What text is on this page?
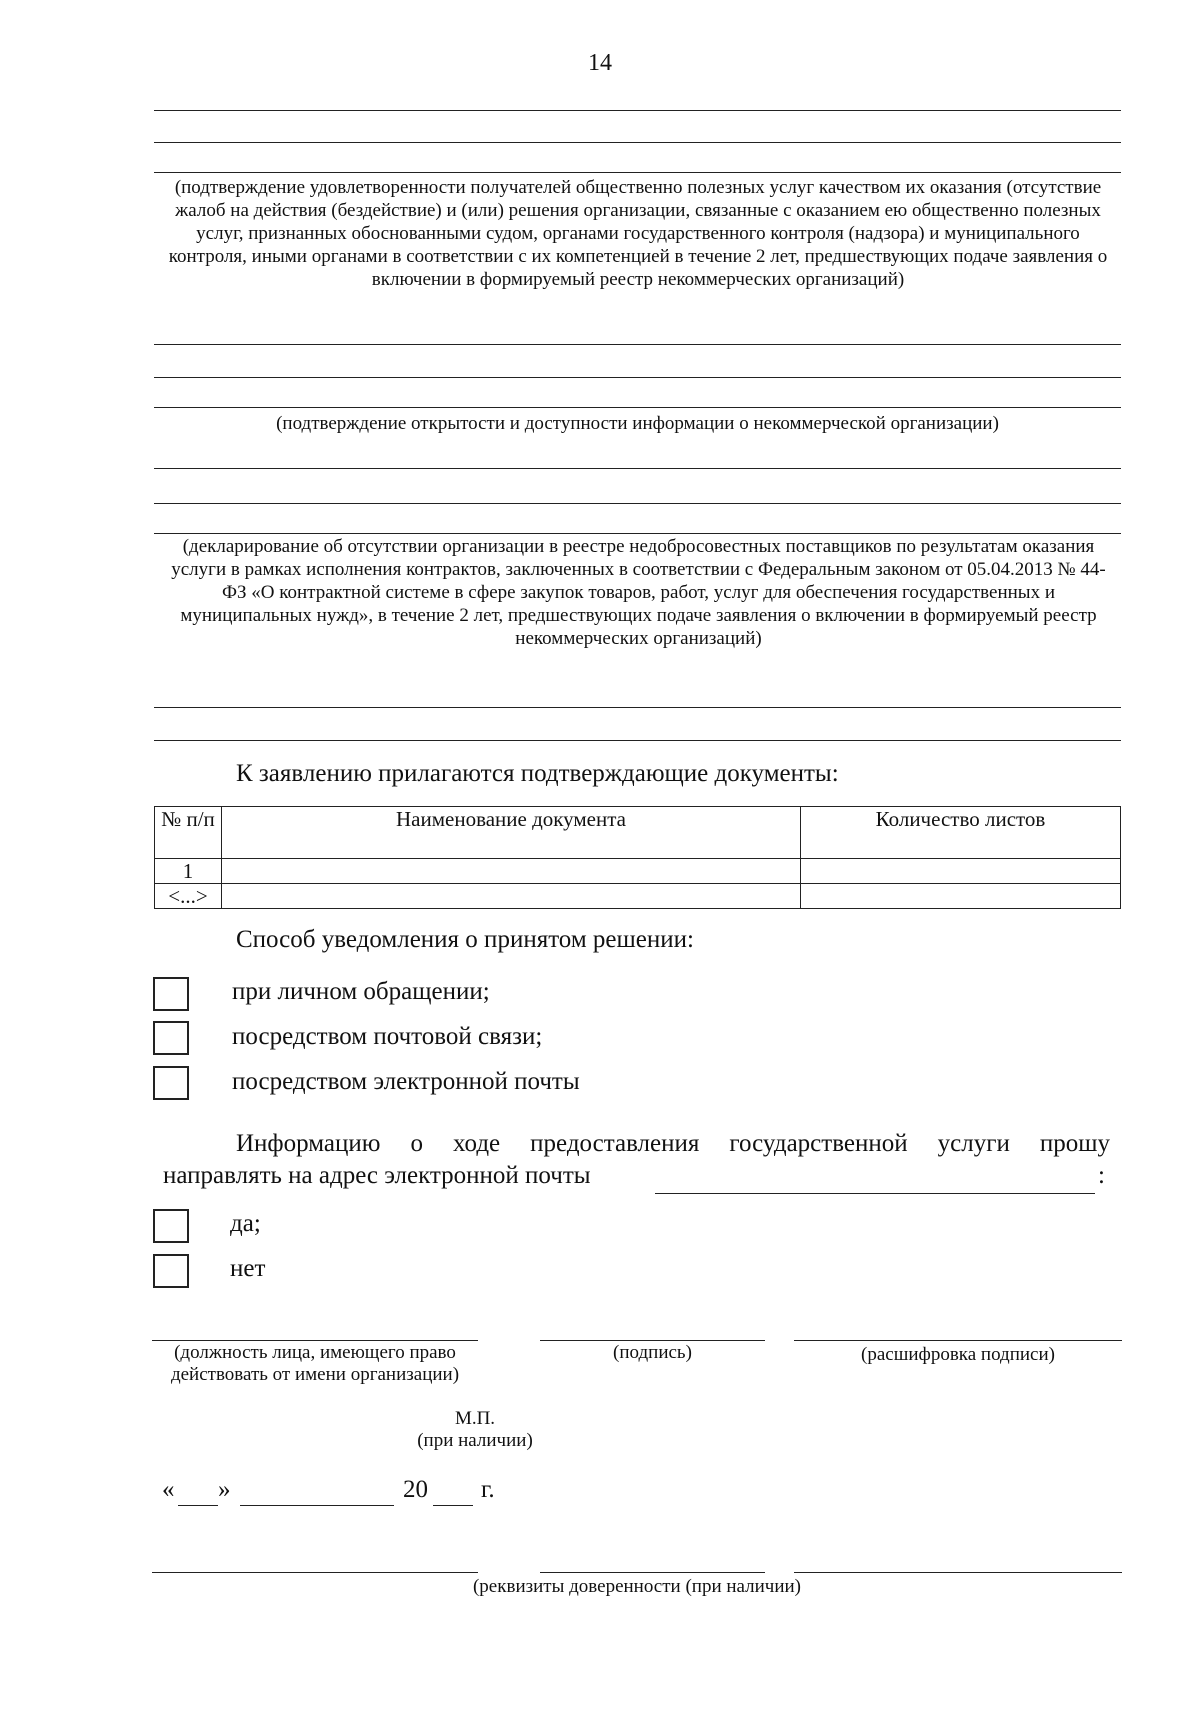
14
(подтверждение удовлетворенности получателей общественно полезных услуг качеством их оказания (отсутствие жалоб на действия (бездействие) и (или) решения организации, связанные с оказанием ею общественно полезных услуг, признанных обоснованными судом, органами государственного контроля (надзора) и муниципального контроля, иными органами в соответствии с их компетенцией в течение 2 лет, предшествующих подаче заявления о включении в формируемый реестр некоммерческих организаций)
(подтверждение открытости и доступности информации о некоммерческой организации)
(декларирование об отсутствии организации в реестре недобросовестных поставщиков по результатам оказания услуги в рамках исполнения контрактов, заключенных в соответствии с Федеральным законом от 05.04.2013 № 44-ФЗ «О контрактной системе в сфере закупок товаров, работ, услуг для обеспечения государственных и муниципальных нужд», в течение 2 лет, предшествующих подаче заявления о включении в формируемый реестр некоммерческих организаций)
К заявлению прилагаются подтверждающие документы:
№ п/п	Наименование документа	Количество листов
1		
<...>		
Способ уведомления о принятом решении:
при личном обращении;
посредством почтовой связи;
посредством электронной почты
Информацию о ходе предоставления государственной услуги прошу
направлять на адрес электронной почты	:
да;
нет
(должность лица, имеющего право действовать от имени организации)
(подпись)	(расшифровка подписи)
М.П.
(при наличии)
« »	20 г.
(реквизиты доверенности (при наличии)
